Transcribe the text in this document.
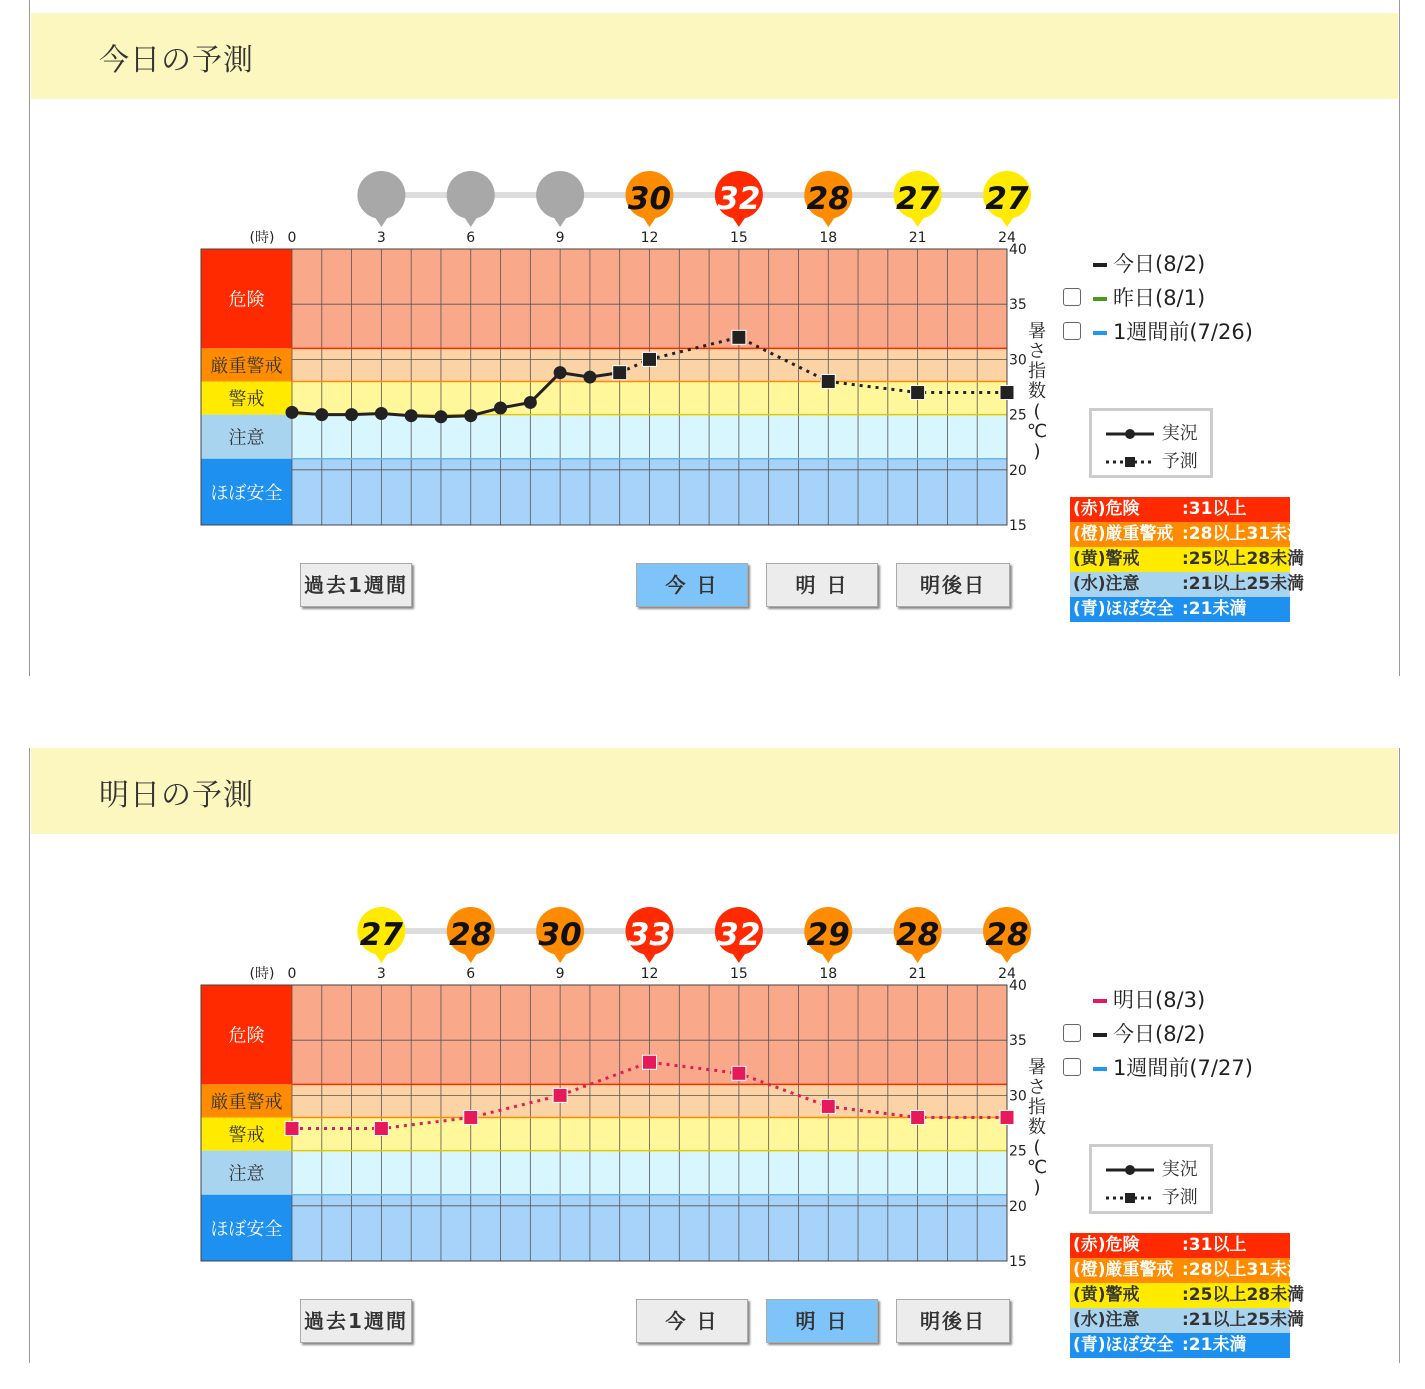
今日の予測
危険
厳重警戒
警戒
注意
ほぼ安全
(時) 0	3	6	9	12	15	18	21	24
40
35
30
25
20
15
暑
さ
指
数
(
℃
)
30 32 28 27 27
過去1週間	今 日	明 日	明後日
今日(8/2)
昨日(8/1)
1週間前(7/26)
実況
予測
(赤)危険 :31以上
(橙)厳重警戒 :28以上31未満
(黄)警戒 :25以上28未満
(水)注意 :21以上25未満
(青)ほぼ安全 :21未満
明日の予測
危険
厳重警戒
警戒
注意
ほぼ安全
(時) 0	3	6	9	12	15	18	21	24
40
35
30
25
20
15
暑
さ
指
数
(
℃
)
27 28 30 33 32 29 28 28
過去1週間	今 日	明 日	明後日
明日(8/3)
今日(8/2)
1週間前(7/27)
実況
予測
(赤)危険 :31以上
(橙)厳重警戒 :28以上31未満
(黄)警戒 :25以上28未満
(水)注意 :21以上25未満
(青)ほぼ安全 :21未満
